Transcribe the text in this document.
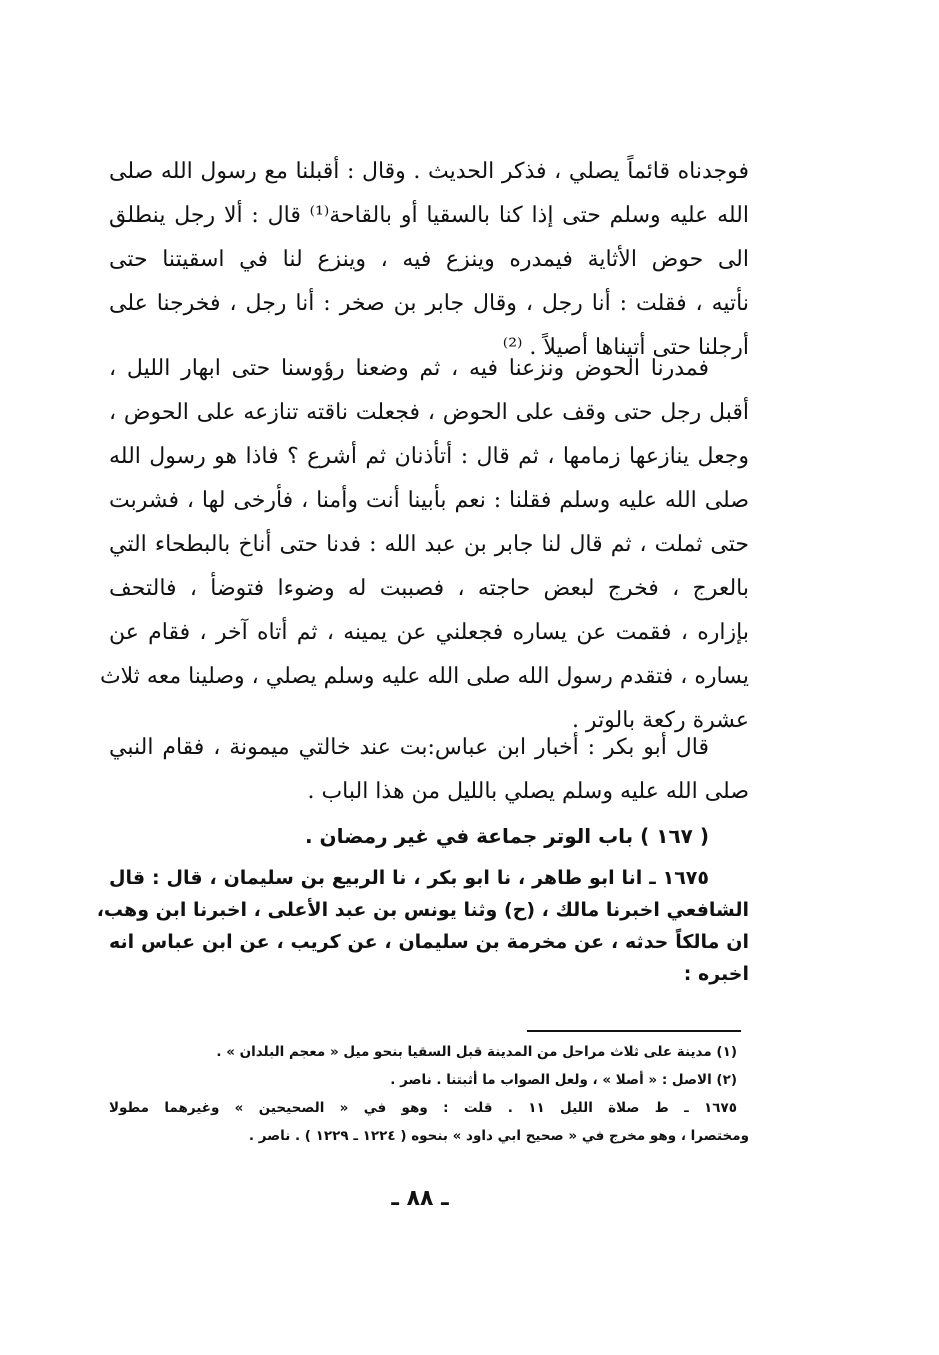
فوجدناه قائماً يصلي ، فذكر الحديث . وقال : أقبلنا مع رسول الله صلى
الله عليه وسلم حتى إذا كنا بالسقيا أو بالقاحة⁽¹⁾ قال : ألا رجل ينطلق
الى حوض الأثاية فيمدره وينزع فيه ، وينزع لنا في اسقيتنا حتى
نأتيه ، فقلت : أنا رجل ، وقال جابر بن صخر : أنا رجل ، فخرجنا على
أرجلنا حتى أتيناها أصيلاً . ⁽²⁾
فمدرنا الحوض ونزعنا فيه ، ثم وضعنا رؤوسنا حتى ابهار الليل ،
أقبل رجل حتى وقف على الحوض ، فجعلت ناقته تنازعه على الحوض ،
وجعل ينازعها زمامها ، ثم قال : أتأذنان ثم أشرع ؟ فاذا هو رسول الله
صلى الله عليه وسلم فقلنا : نعم بأبينا أنت وأمنا ، فأرخى لها ، فشربت
حتى ثملت ، ثم قال لنا جابر بن عبد الله : فدنا حتى أناخ بالبطحاء التي
بالعرج ، فخرج لبعض حاجته ، فصببت له وضوءا فتوضأ ، فالتحف
بإزاره ، فقمت عن يساره فجعلني عن يمينه ، ثم أتاه آخر ، فقام عن
يساره ، فتقدم رسول الله صلى الله عليه وسلم يصلي ، وصلينا معه ثلاث
عشرة ركعة بالوتر .
قال أبو بكر : أخبار ابن عباس:بت عند خالتي ميمونة ، فقام النبي
صلى الله عليه وسلم يصلي بالليل من هذا الباب .
( ١٦٧ ) باب الوتر جماعة في غير رمضان .
١٦٧٥ ـ انا ابو طاهر ، نا ابو بكر ، نا الربيع بن سليمان ، قال : قال
الشافعي اخبرنا مالك ، (ح) وثنا يونس بن عبد الأعلى ، اخبرنا ابن وهب،
ان مالكاً حدثه ، عن مخرمة بن سليمان ، عن كريب ، عن ابن عباس انه
اخبره :
(١) مدينة على ثلاث مراحل من المدينة قبل السقيا بنحو ميل « معجم البلدان » .
(٢) الاصل : « أصلا » ، ولعل الصواب ما أثبتنا . ناصر .
١٦٧٥ ـ ط صلاة الليل ١١ . قلت : وهو في « الصحيحين » وغيرهما مطولا
ومختصرا ، وهو مخرج في « صحيح ابي داود » بنحوه ( ١٢٢٤ ـ ١٢٢٩ ) . ناصر .
ـ ٨٨ ـ
